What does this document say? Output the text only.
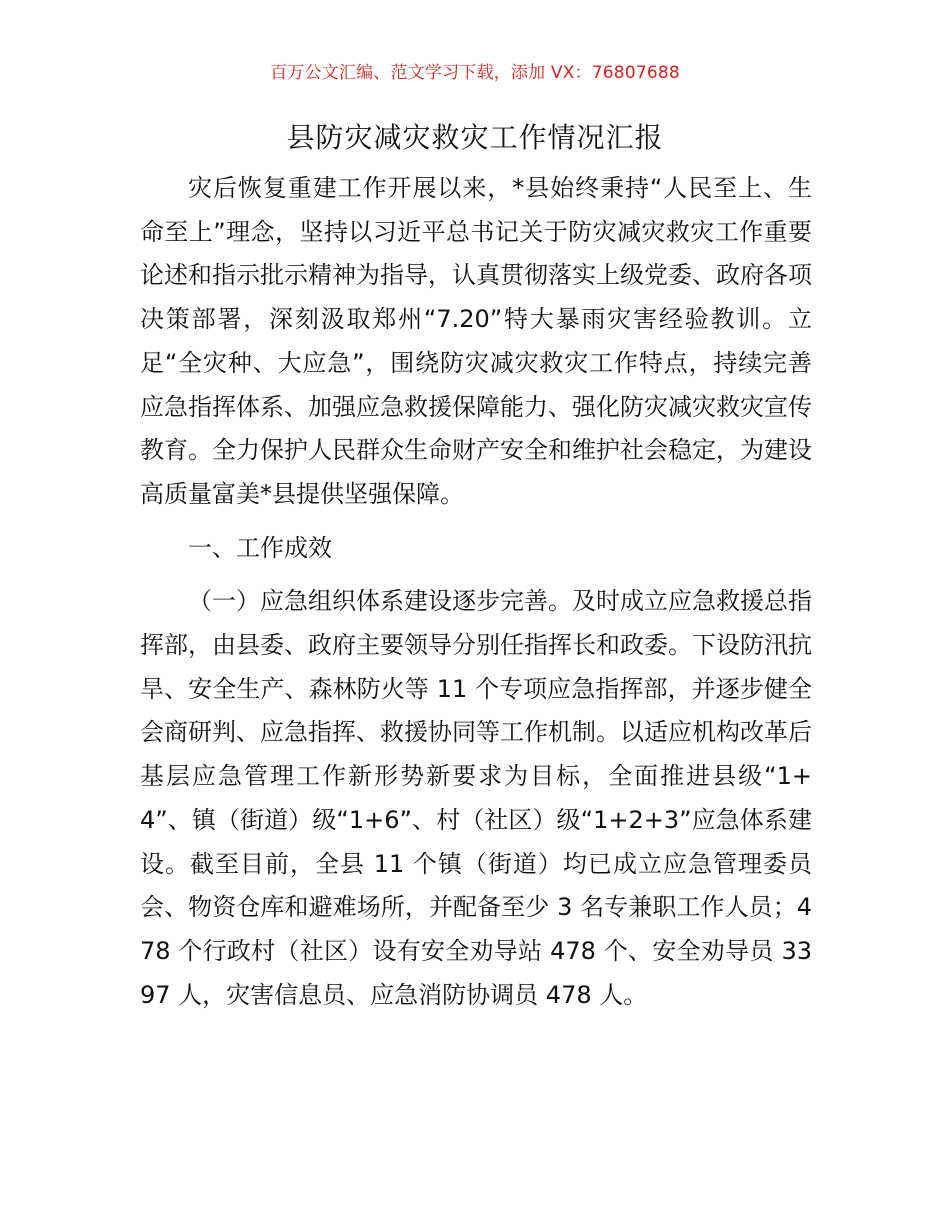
百万公文汇编、范文学习下载，添加 VX：76807688
县防灾减灾救灾工作情况汇报

灾后恢复重建工作开展以来，*县始终秉持“人民至上、生命至上”理念，坚持以习近平总书记关于防灾减灾救灾工作重要论述和指示批示精神为指导，认真贯彻落实上级党委、政府各项决策部署，深刻汲取郑州“7.20”特大暴雨灾害经验教训。立足“全灾种、大应急”，围绕防灾减灾救灾工作特点，持续完善应急指挥体系、加强应急救援保障能力、强化防灾减灾救灾宣传教育。全力保护人民群众生命财产安全和维护社会稳定，为建设高质量富美*县提供坚强保障。

一、工作成效

（一）应急组织体系建设逐步完善。及时成立应急救援总指挥部，由县委、政府主要领导分别任指挥长和政委。下设防汛抗旱、安全生产、森林防火等 11 个专项应急指挥部，并逐步健全会商研判、应急指挥、救援协同等工作机制。以适应机构改革后基层应急管理工作新形势新要求为目标，全面推进县级“1+4”、镇（街道）级“1+6”、村（社区）级“1+2+3”应急体系建设。截至目前，全县 11 个镇（街道）均已成立应急管理委员会、物资仓库和避难场所，并配备至少 3 名专兼职工作人员；478 个行政村（社区）设有安全劝导站 478 个、安全劝导员 3397 人，灾害信息员、应急消防协调员 478 人。
